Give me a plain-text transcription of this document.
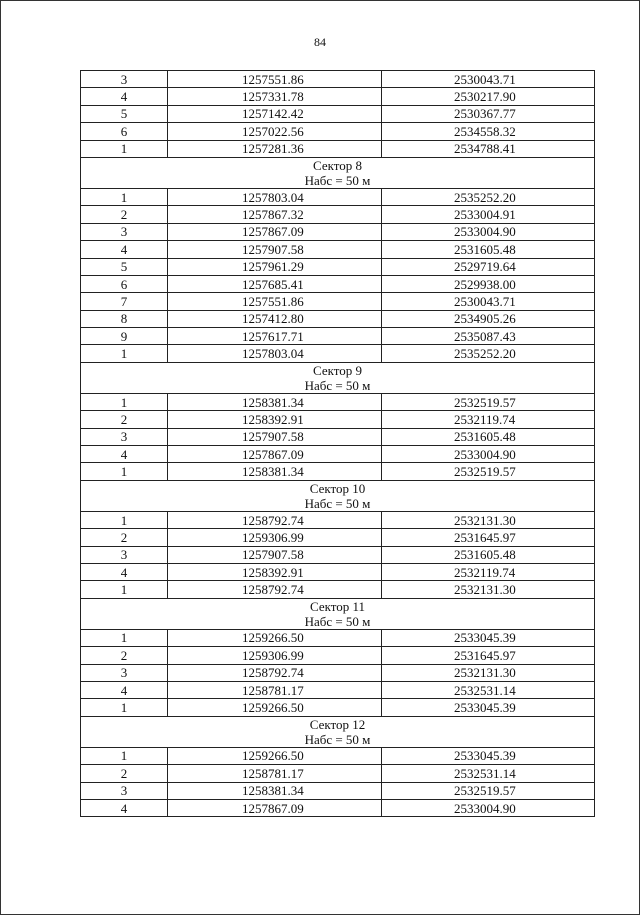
84
3	1257551.86	2530043.71
4	1257331.78	2530217.90
5	1257142.42	2530367.77
6	1257022.56	2534558.32
1	1257281.36	2534788.41

Сектор 8
Набс = 50 м		

1	1257803.04	2535252.20
2	1257867.32	2533004.91
3	1257867.09	2533004.90
4	1257907.58	2531605.48
5	1257961.29	2529719.64
6	1257685.41	2529938.00
7	1257551.86	2530043.71
8	1257412.80	2534905.26
9	1257617.71	2535087.43
1	1257803.04	2535252.20

Сектор 9
Набс = 50 м		

1	1258381.34	2532519.57
2	1258392.91	2532119.74
3	1257907.58	2531605.48
4	1257867.09	2533004.90
1	1258381.34	2532519.57

Сектор 10
Набс = 50 м		

1	1258792.74	2532131.30
2	1259306.99	2531645.97
3	1257907.58	2531605.48
4	1258392.91	2532119.74
1	1258792.74	2532131.30

Сектор 11
Набс = 50 м		

1	1259266.50	2533045.39
2	1259306.99	2531645.97
3	1258792.74	2532131.30
4	1258781.17	2532531.14
1	1259266.50	2533045.39

Сектор 12
Набс = 50 м		

1	1259266.50	2533045.39
2	1258781.17	2532531.14
3	1258381.34	2532519.57
4	1257867.09	2533004.90
